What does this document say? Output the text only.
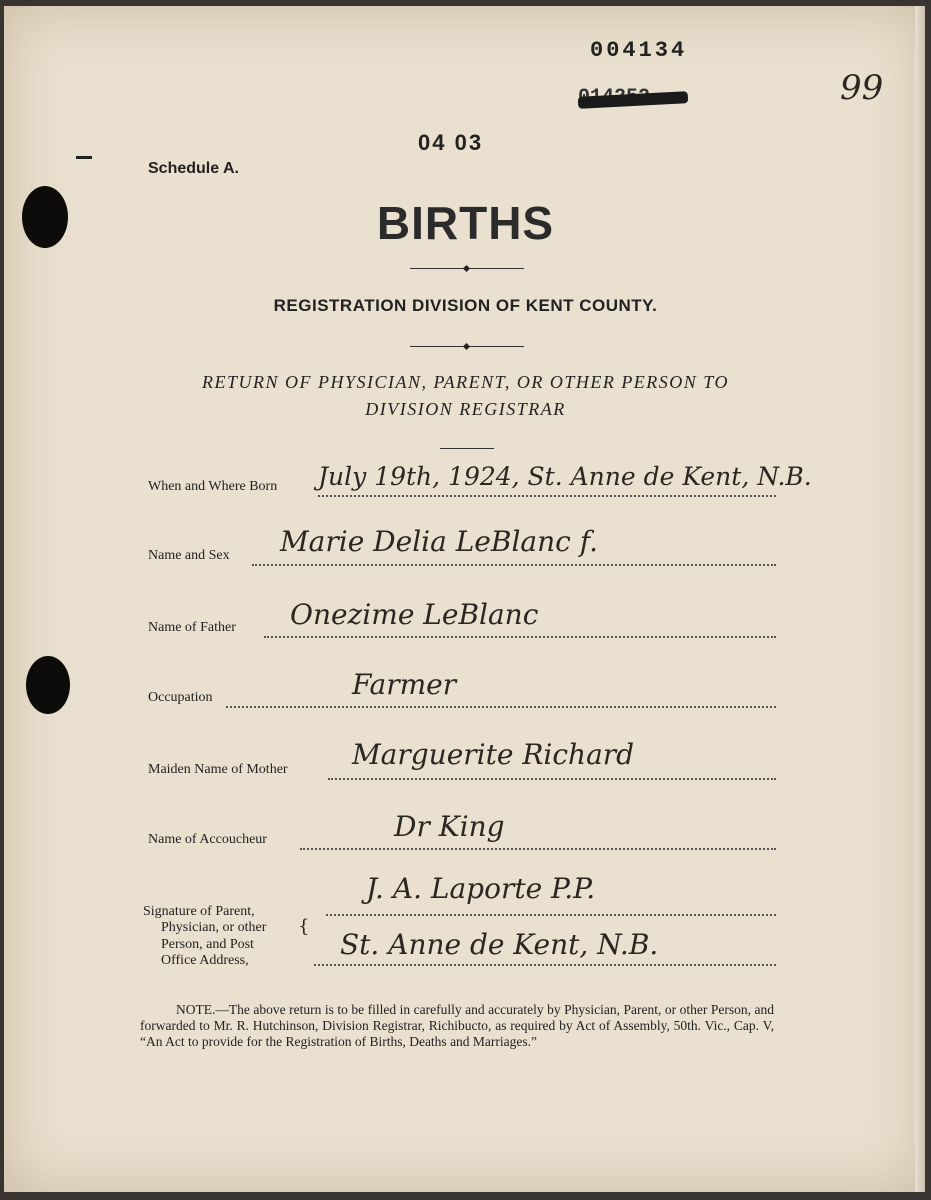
004134
99
04 03
Schedule A.
BIRTHS
REGISTRATION DIVISION OF KENT COUNTY.
RETURN OF PHYSICIAN, PARENT, OR OTHER PERSON TO
DIVISION REGISTRAR
When and Where Born July 19th, 1924, St. Anne de Kent, N.B.
Name and Sex Marie Delia LeBlanc f.
Name of Father Onezime LeBlanc
Occupation	Farmer
Maiden Name of Mother Marguerite Richard
Name of Accoucheur	Dr King
Signature of Parent,
Physician, or other
Person, and Post
Office Address,
{
J. A. Laporte P.P.
St. Anne de Kent, N.B.
NOTE.—The above return is to be filled in carefully and accurately by Physician, Parent, or other Person, and forwarded to Mr. R. Hutchinson, Division Registrar, Richibucto, as required by Act of Assembly, 50th. Vic., Cap. V, “An Act to provide for the Registration of Births, Deaths and Marriages.”
